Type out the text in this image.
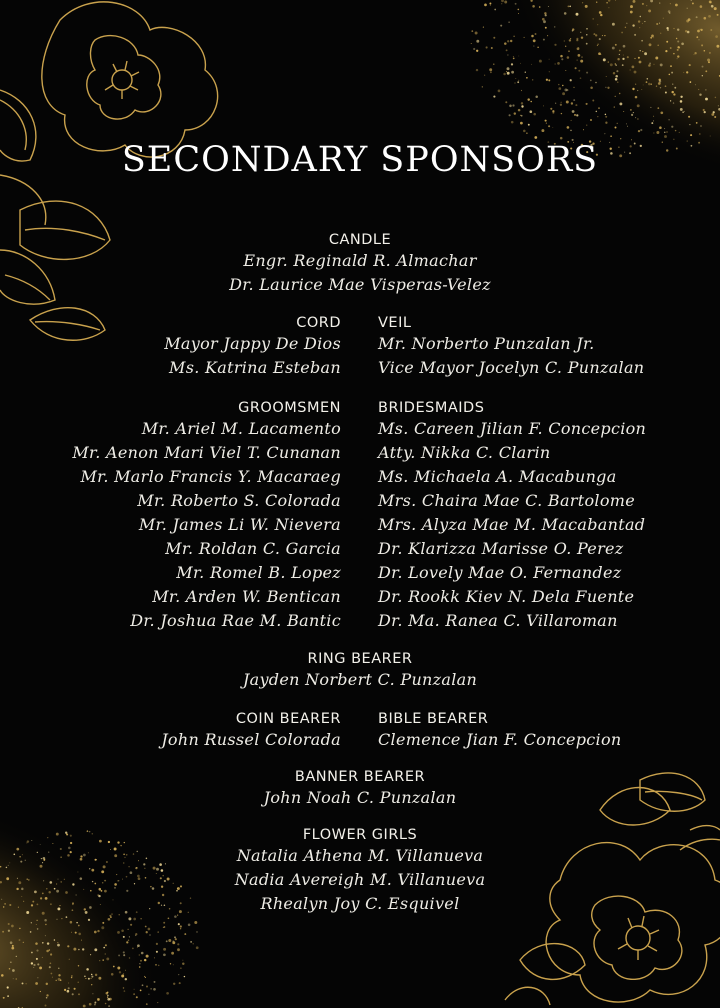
SECONDARY SPONSORS
CANDLE
Engr. Reginald R. Almachar
Dr. Laurice Mae Visperas-Velez
CORD
Mayor Jappy De Dios
Ms. Katrina Esteban
VEIL
Mr. Norberto Punzalan Jr.
Vice Mayor Jocelyn C. Punzalan
GROOMSMEN
Mr. Ariel M. Lacamento
Mr. Aenon Mari Viel T. Cunanan
Mr. Marlo Francis Y. Macaraeg
Mr. Roberto S. Colorada
Mr. James Li W. Nievera
Mr. Roldan C. Garcia
Mr. Romel B. Lopez
Mr. Arden W. Bentican
Dr. Joshua Rae M. Bantic
BRIDESMAIDS
Ms. Careen Jilian F. Concepcion
Atty. Nikka C. Clarin
Ms. Michaela A. Macabunga
Mrs. Chaira Mae C. Bartolome
Mrs. Alyza Mae M. Macabantad
Dr. Klarizza Marisse O. Perez
Dr. Lovely Mae O. Fernandez
Dr. Rookk Kiev N. Dela Fuente
Dr. Ma. Ranea C. Villaroman
RING BEARER
Jayden Norbert C. Punzalan
COIN BEARER
John Russel Colorada
BIBLE BEARER
Clemence Jian F. Concepcion
BANNER BEARER
John Noah C. Punzalan
FLOWER GIRLS
Natalia Athena M. Villanueva
Nadia Avereigh M. Villanueva
Rhealyn Joy C. Esquivel
